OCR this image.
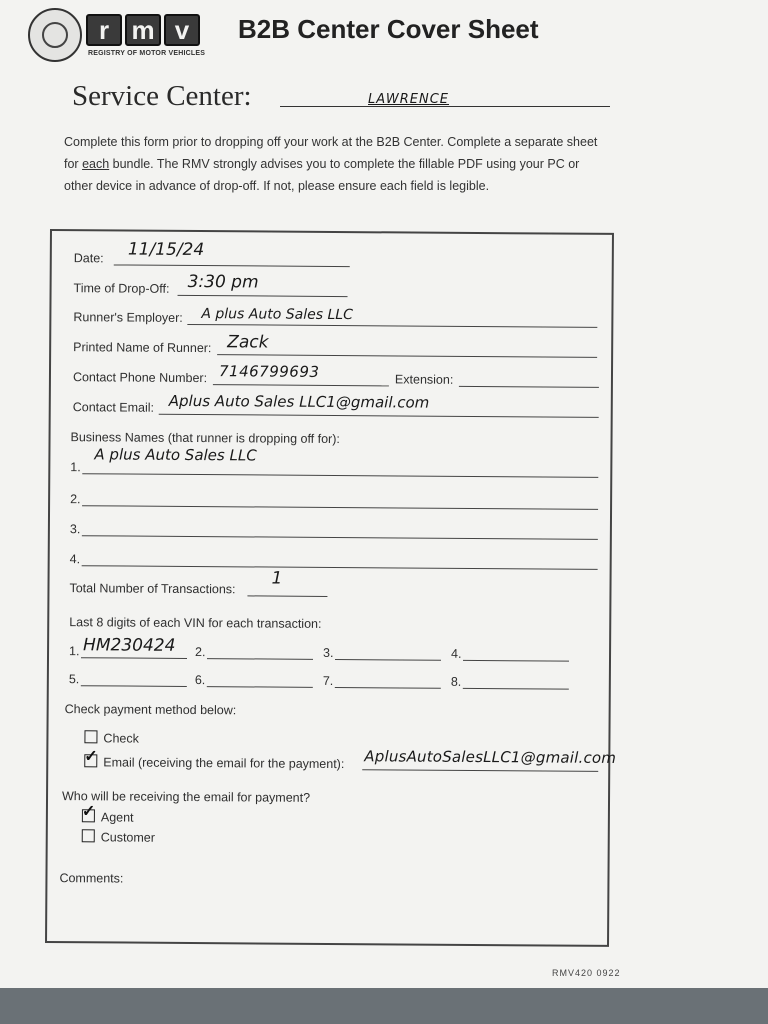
r m v
REGISTRY OF MOTOR VEHICLES
B2B Center Cover Sheet
Service Center:	LAWRENCE
Complete this form prior to dropping off your work at the B2B Center. Complete a separate sheet
for each bundle. The RMV strongly advises you to complete the fillable PDF using your PC or
other device in advance of drop-off. If not, please ensure each field is legible.
Date: 11/15/24
Time of Drop-Off: 3:30 pm
Runner's Employer: A plus Auto Sales LLC
Printed Name of Runner: Zack
Contact Phone Number: 7146799693	Extension:
Contact Email: Aplus Auto Sales LLC1@gmail.com
Business Names (that runner is dropping off for):
1.
A plus Auto Sales LLC
2.
3.
4.
Total Number of Transactions:
1
Last 8 digits of each VIN for each transaction:
1. HM230424 2.	3.	4.
5.	6.	7.	8.
Check payment method below:
Check
✓Email (receiving the email for the payment): AplusAutoSalesLLC1@gmail.com
Who will be receiving the email for payment?
✓Agent
Customer
Comments:
RMV420 0922
